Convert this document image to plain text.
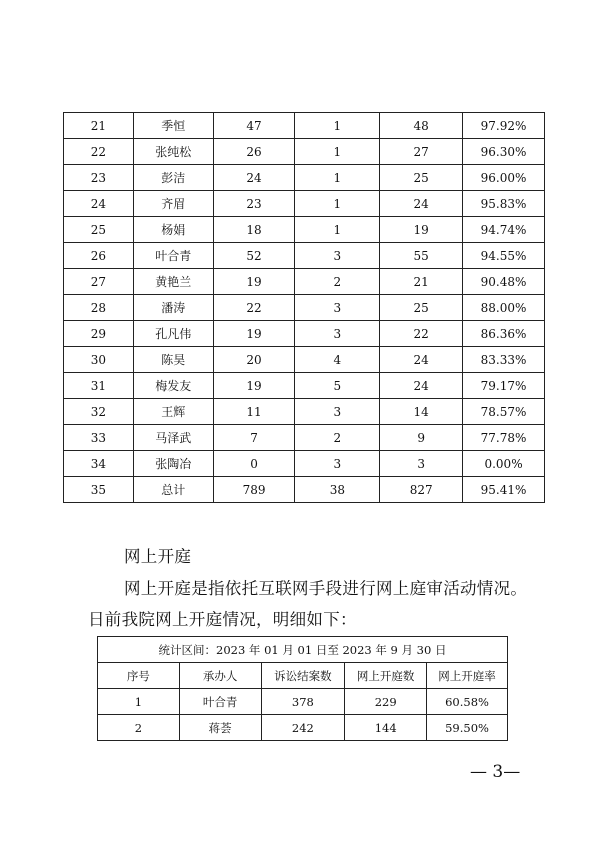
21	季恒	47	1	48	97.92%
22	张纯松	26	1	27	96.30%
23	彭洁	24	1	25	96.00%
24	齐眉	23	1	24	95.83%
25	杨娟	18	1	19	94.74%
26	叶合青	52	3	55	94.55%
27	黄艳兰	19	2	21	90.48%
28	潘涛	22	3	25	88.00%
29	孔凡伟	19	3	22	86.36%
30	陈昊	20	4	24	83.33%
31	梅发友	19	5	24	79.17%
32	王辉	11	3	14	78.57%
33	马泽武	7	2	9	77.78%
34	张陶冶	0	3	3	0.00%
35	总计	789	38	827	95.41%
网上开庭
网上开庭是指依托互联网手段进行网上庭审活动情况。
日前我院网上开庭情况，明细如下：
统计区间：2023 年 01 月 01 日至 2023 年 9 月 30 日				
序号	承办人	诉讼结案数	网上开庭数	网上开庭率
1	叶合青	378	229	60.58%
2	蒋荟	242	144	59.50%
— 3—
